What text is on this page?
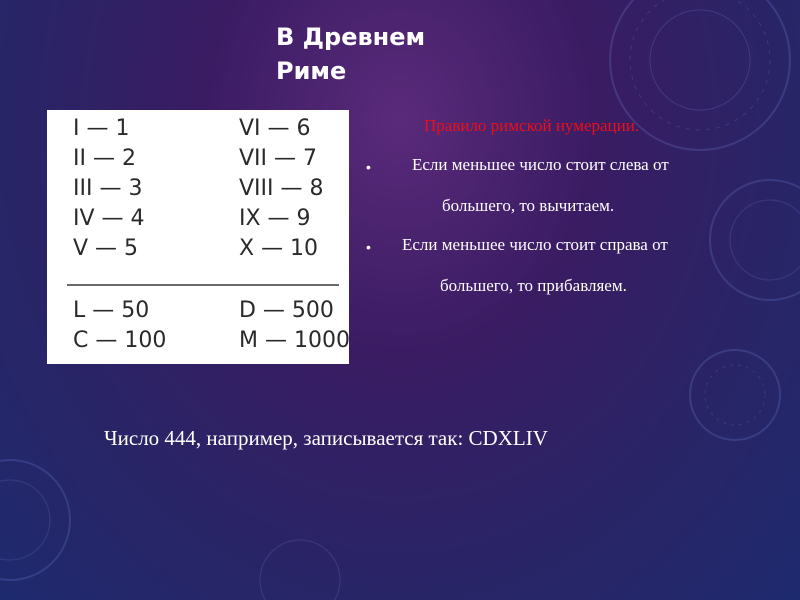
В Древнем
Риме
I — 1
II — 2
III — 3
IV — 4
V — 5
VI — 6
VII — 7
VIII — 8
IX — 9
X — 10
L — 50
C — 100
D — 500
M — 1000
Правило римской нумерации.
• Если меньшее число стоит слева от
большего, то вычитаем.
• Если меньшее число стоит справа от
большего, то прибавляем.
Число 444, например, записывается так: CDXLIV
